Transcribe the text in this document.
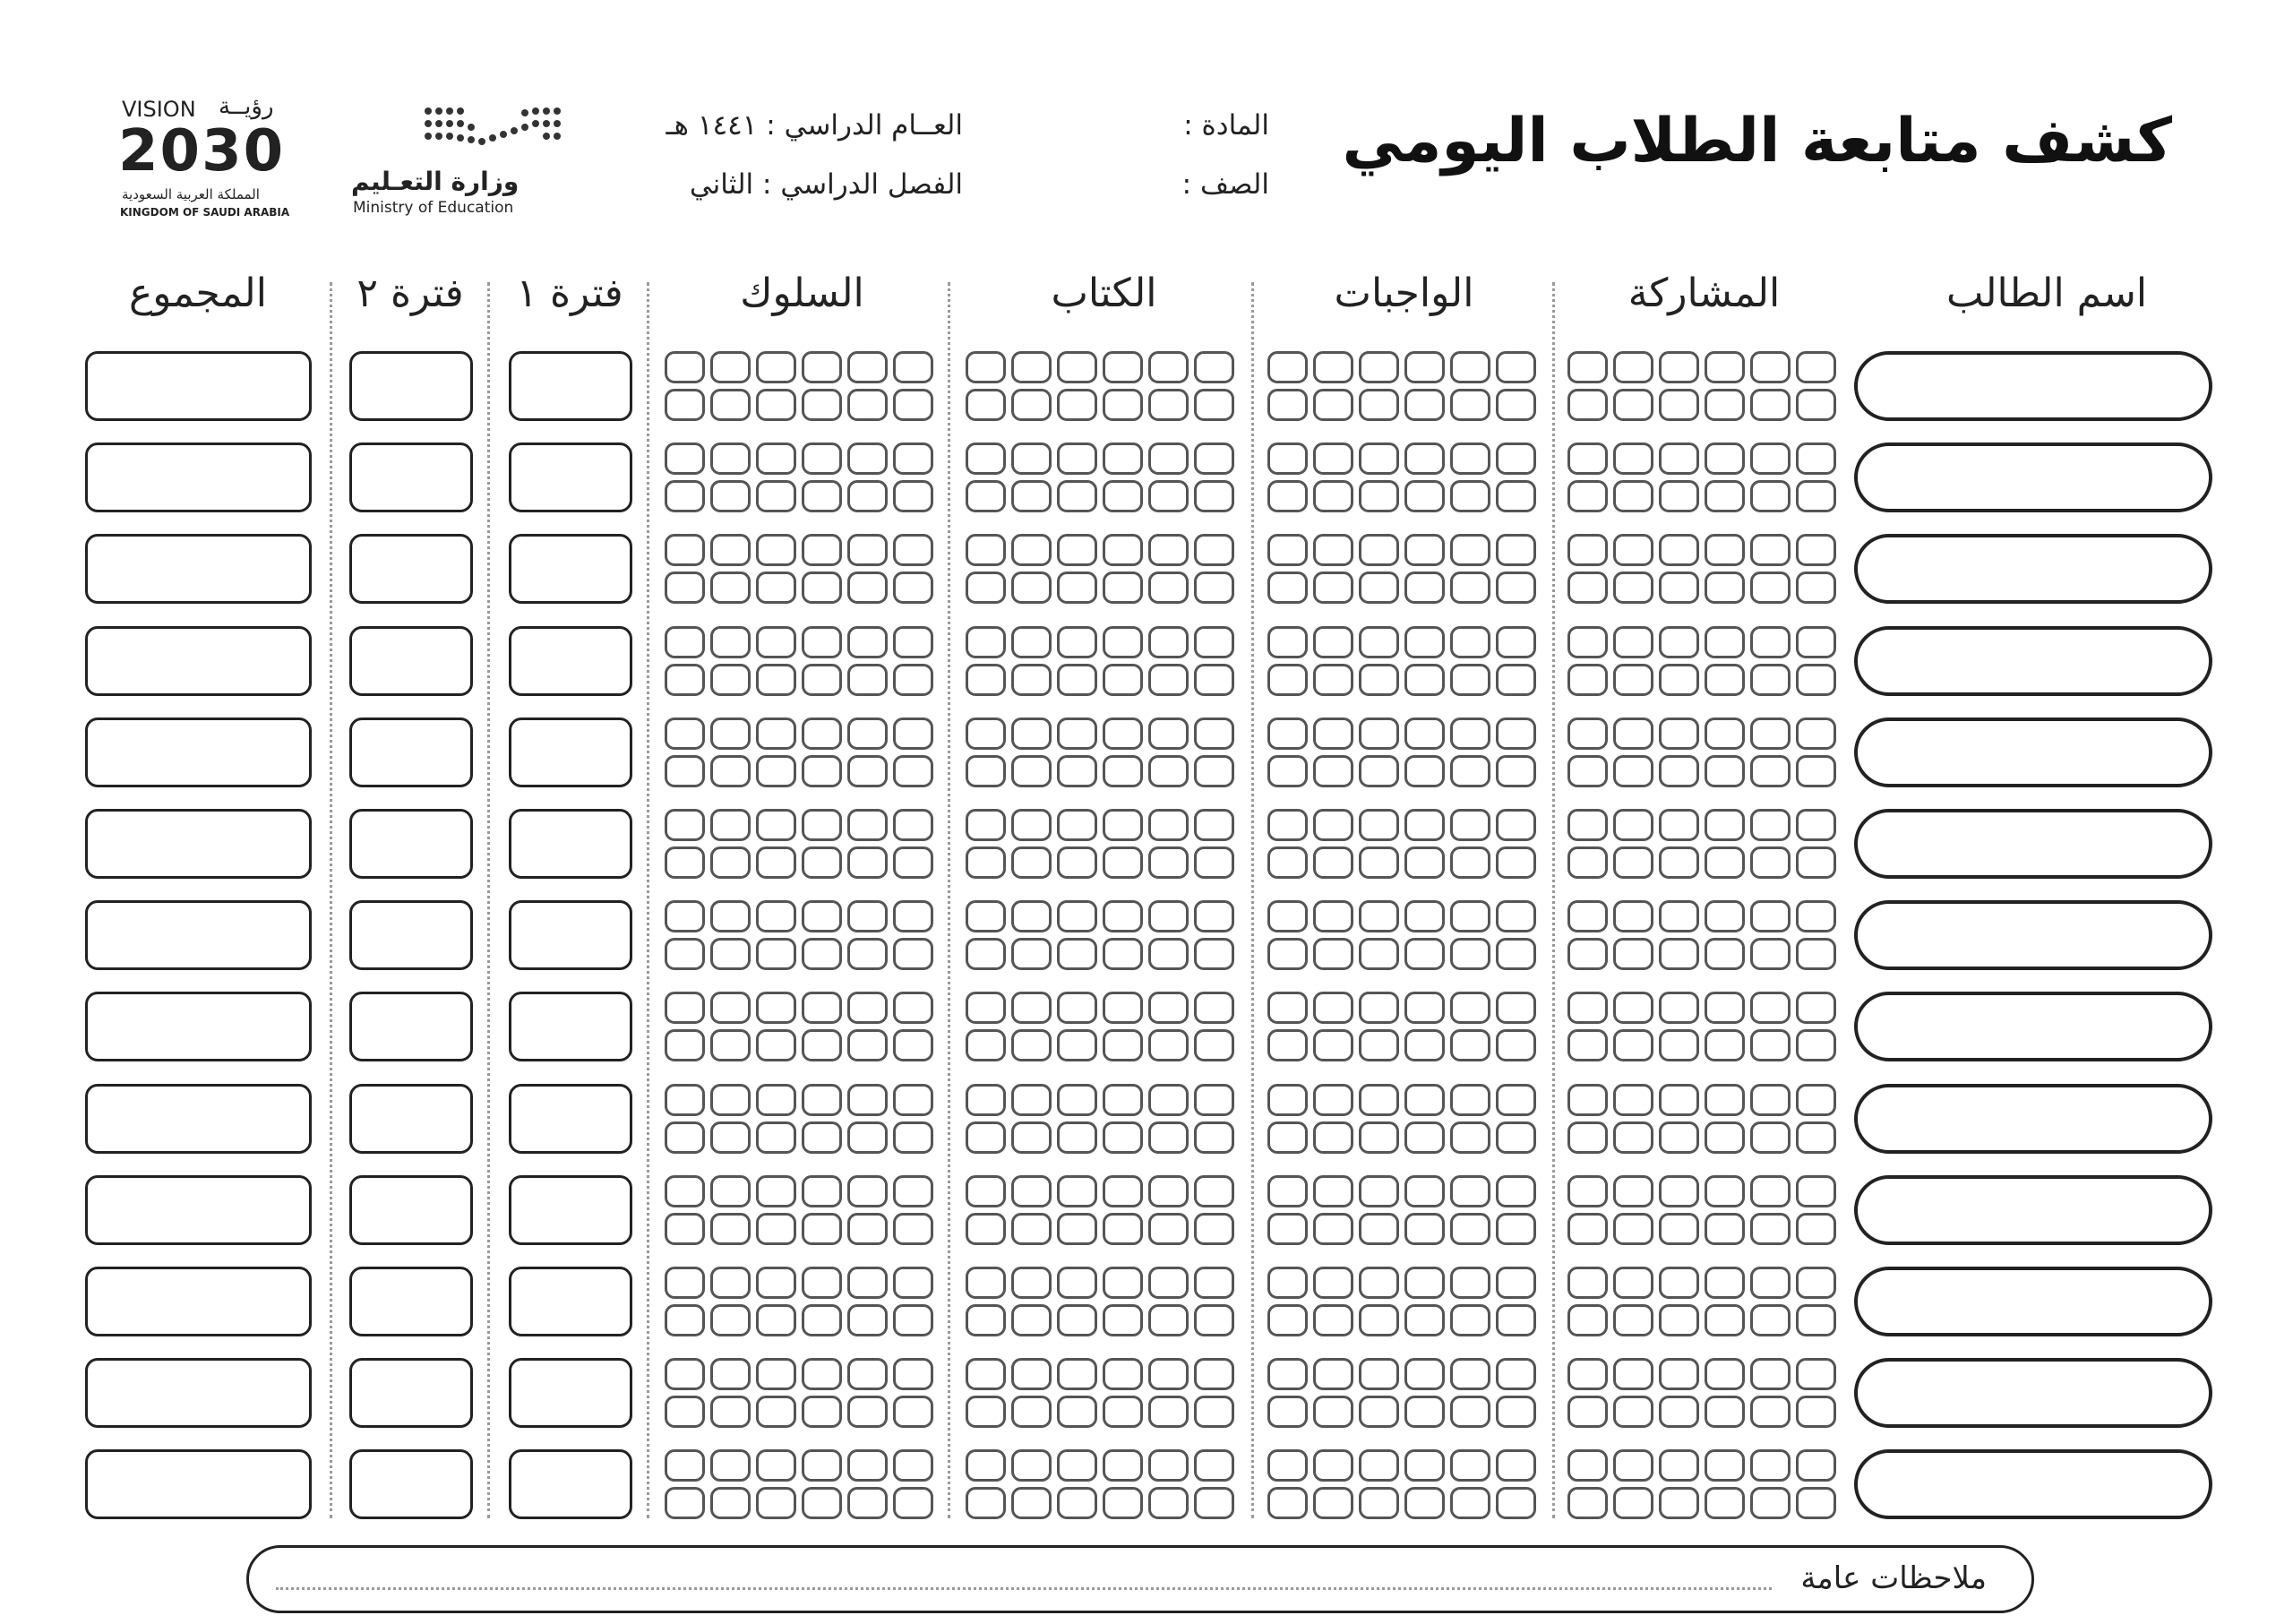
كشف متابعة الطلاب اليومي
المادة :
الصف :
العــام الدراسي : ١٤٤١ هـ
الفصل الدراسي : الثاني
وزارة التعـليم
Ministry of Education
VISION رؤيــة
2030
المملكة العربية السعودية
KINGDOM OF SAUDI ARABIA
اسم الطالب
المشاركة
الواجبات
الكتاب
السلوك
فترة ١
فترة ٢
المجموع
ملاحظات عامة
